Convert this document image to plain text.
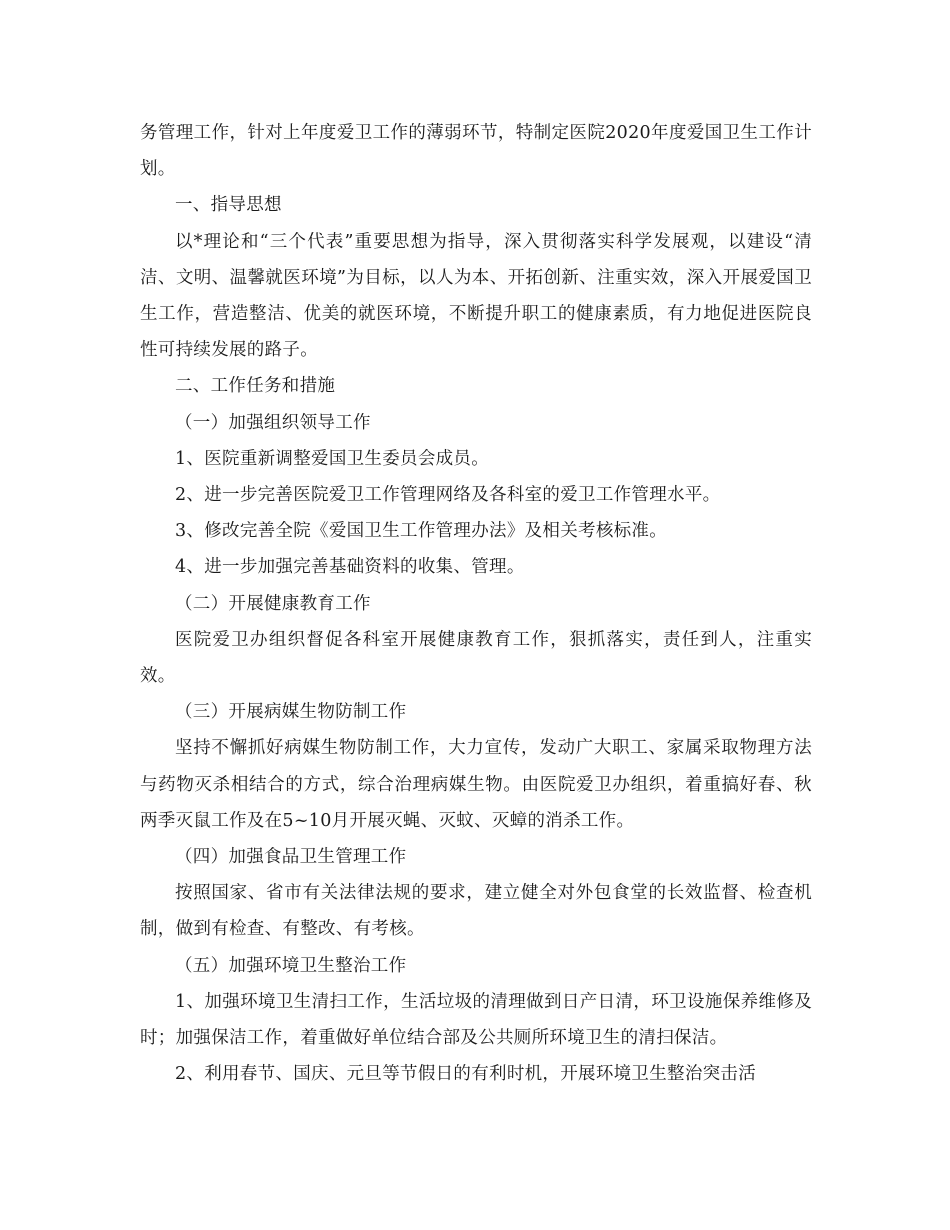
务管理工作，针对上年度爱卫工作的薄弱环节，特制定医院2020年度爱国卫生工作计划。

一、指导思想

以*理论和“三个代表”重要思想为指导，深入贯彻落实科学发展观，以建设“清洁、文明、温馨就医环境”为目标，以人为本、开拓创新、注重实效，深入开展爱国卫生工作，营造整洁、优美的就医环境，不断提升职工的健康素质，有力地促进医院良性可持续发展的路子。

二、工作任务和措施

（一）加强组织领导工作

1、医院重新调整爱国卫生委员会成员。

2、进一步完善医院爱卫工作管理网络及各科室的爱卫工作管理水平。

3、修改完善全院《爱国卫生工作管理办法》及相关考核标准。

4、进一步加强完善基础资料的收集、管理。

（二）开展健康教育工作

医院爱卫办组织督促各科室开展健康教育工作，狠抓落实，责任到人，注重实效。

（三）开展病媒生物防制工作

坚持不懈抓好病媒生物防制工作，大力宣传，发动广大职工、家属采取物理方法与药物灭杀相结合的方式，综合治理病媒生物。由医院爱卫办组织，着重搞好春、秋两季灭鼠工作及在5~10月开展灭蝇、灭蚊、灭蟑的消杀工作。

（四）加强食品卫生管理工作

按照国家、省市有关法律法规的要求，建立健全对外包食堂的长效监督、检查机制，做到有检查、有整改、有考核。

（五）加强环境卫生整治工作

1、加强环境卫生清扫工作，生活垃圾的清理做到日产日清，环卫设施保养维修及时；加强保洁工作，着重做好单位结合部及公共厕所环境卫生的清扫保洁。

2、利用春节、国庆、元旦等节假日的有利时机，开展环境卫生整治突击活
